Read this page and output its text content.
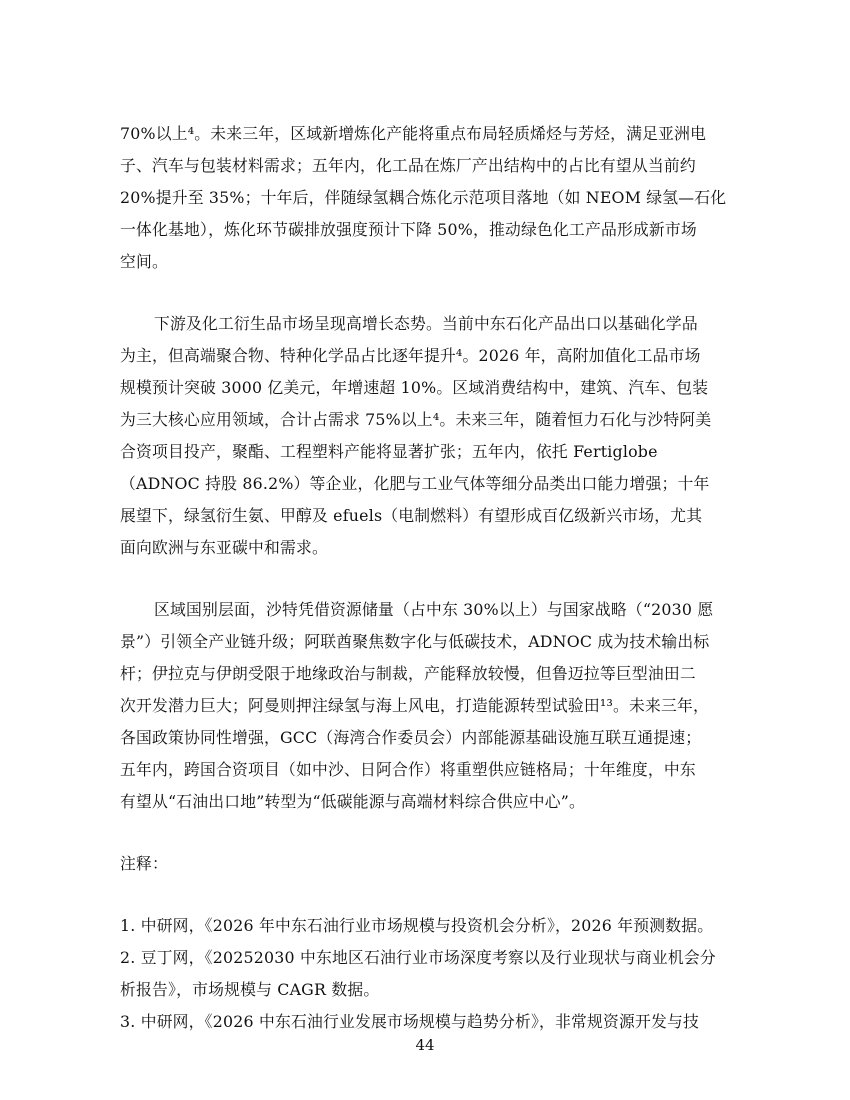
70%以上⁴。未来三年，区域新增炼化产能将重点布局轻质烯烃与芳烃，满足亚洲电
子、汽车与包装材料需求；五年内，化工品在炼厂产出结构中的占比有望从当前约
20%提升至 35%；十年后，伴随绿氢耦合炼化示范项目落地（如 NEOM 绿氢—石化
一体化基地），炼化环节碳排放强度预计下降 50%，推动绿色化工产品形成新市场
空间。
下游及化工衍生品市场呈现高增长态势。当前中东石化产品出口以基础化学品
为主，但高端聚合物、特种化学品占比逐年提升⁴。2026 年，高附加值化工品市场
规模预计突破 3000 亿美元，年增速超 10%。区域消费结构中，建筑、汽车、包装
为三大核心应用领域，合计占需求 75%以上⁴。未来三年，随着恒力石化与沙特阿美
合资项目投产，聚酯、工程塑料产能将显著扩张；五年内，依托 Fertiglobe
（ADNOC 持股 86.2%）等企业，化肥与工业气体等细分品类出口能力增强；十年
展望下，绿氢衍生氨、甲醇及 efuels（电制燃料）有望形成百亿级新兴市场，尤其
面向欧洲与东亚碳中和需求。
区域国别层面，沙特凭借资源储量（占中东 30%以上）与国家战略（“2030 愿
景”）引领全产业链升级；阿联酋聚焦数字化与低碳技术，ADNOC 成为技术输出标
杆；伊拉克与伊朗受限于地缘政治与制裁，产能释放较慢，但鲁迈拉等巨型油田二
次开发潜力巨大；阿曼则押注绿氢与海上风电，打造能源转型试验田¹³。未来三年，
各国政策协同性增强，GCC（海湾合作委员会）内部能源基础设施互联互通提速；
五年内，跨国合资项目（如中沙、日阿合作）将重塑供应链格局；十年维度，中东
有望从“石油出口地”转型为“低碳能源与高端材料综合供应中心”。
注释：
1. 中研网，《2026 年中东石油行业市场规模与投资机会分析》，2026 年预测数据。
2. 豆丁网，《20252030 中东地区石油行业市场深度考察以及行业现状与商业机会分
析报告》，市场规模与 CAGR 数据。
3. 中研网，《2026 中东石油行业发展市场规模与趋势分析》，非常规资源开发与技
44
